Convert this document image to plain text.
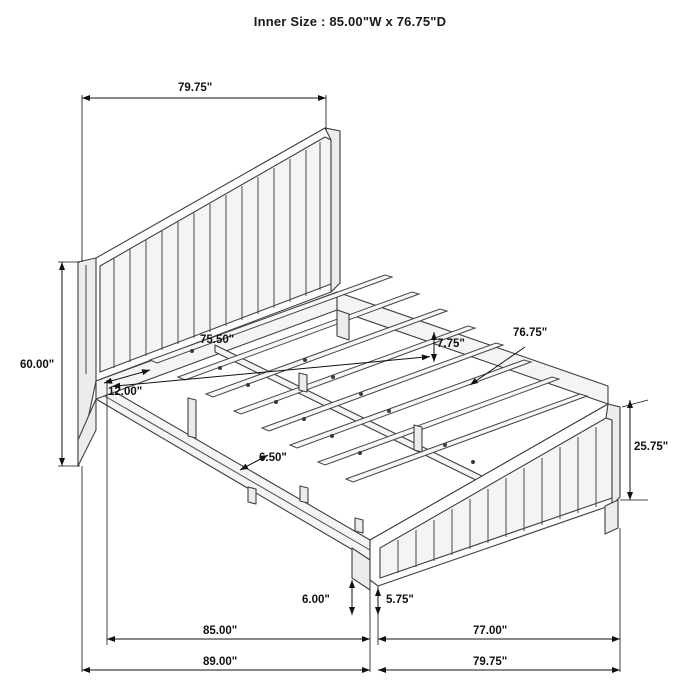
Inner Size : 85.00"W x 76.75"D
79.75"
60.00"
75.50"	7.75"
76.75"
12.00"
6.50"
25.75"
6.00"	5.75"
85.00"	77.00"
89.00"	79.75"
